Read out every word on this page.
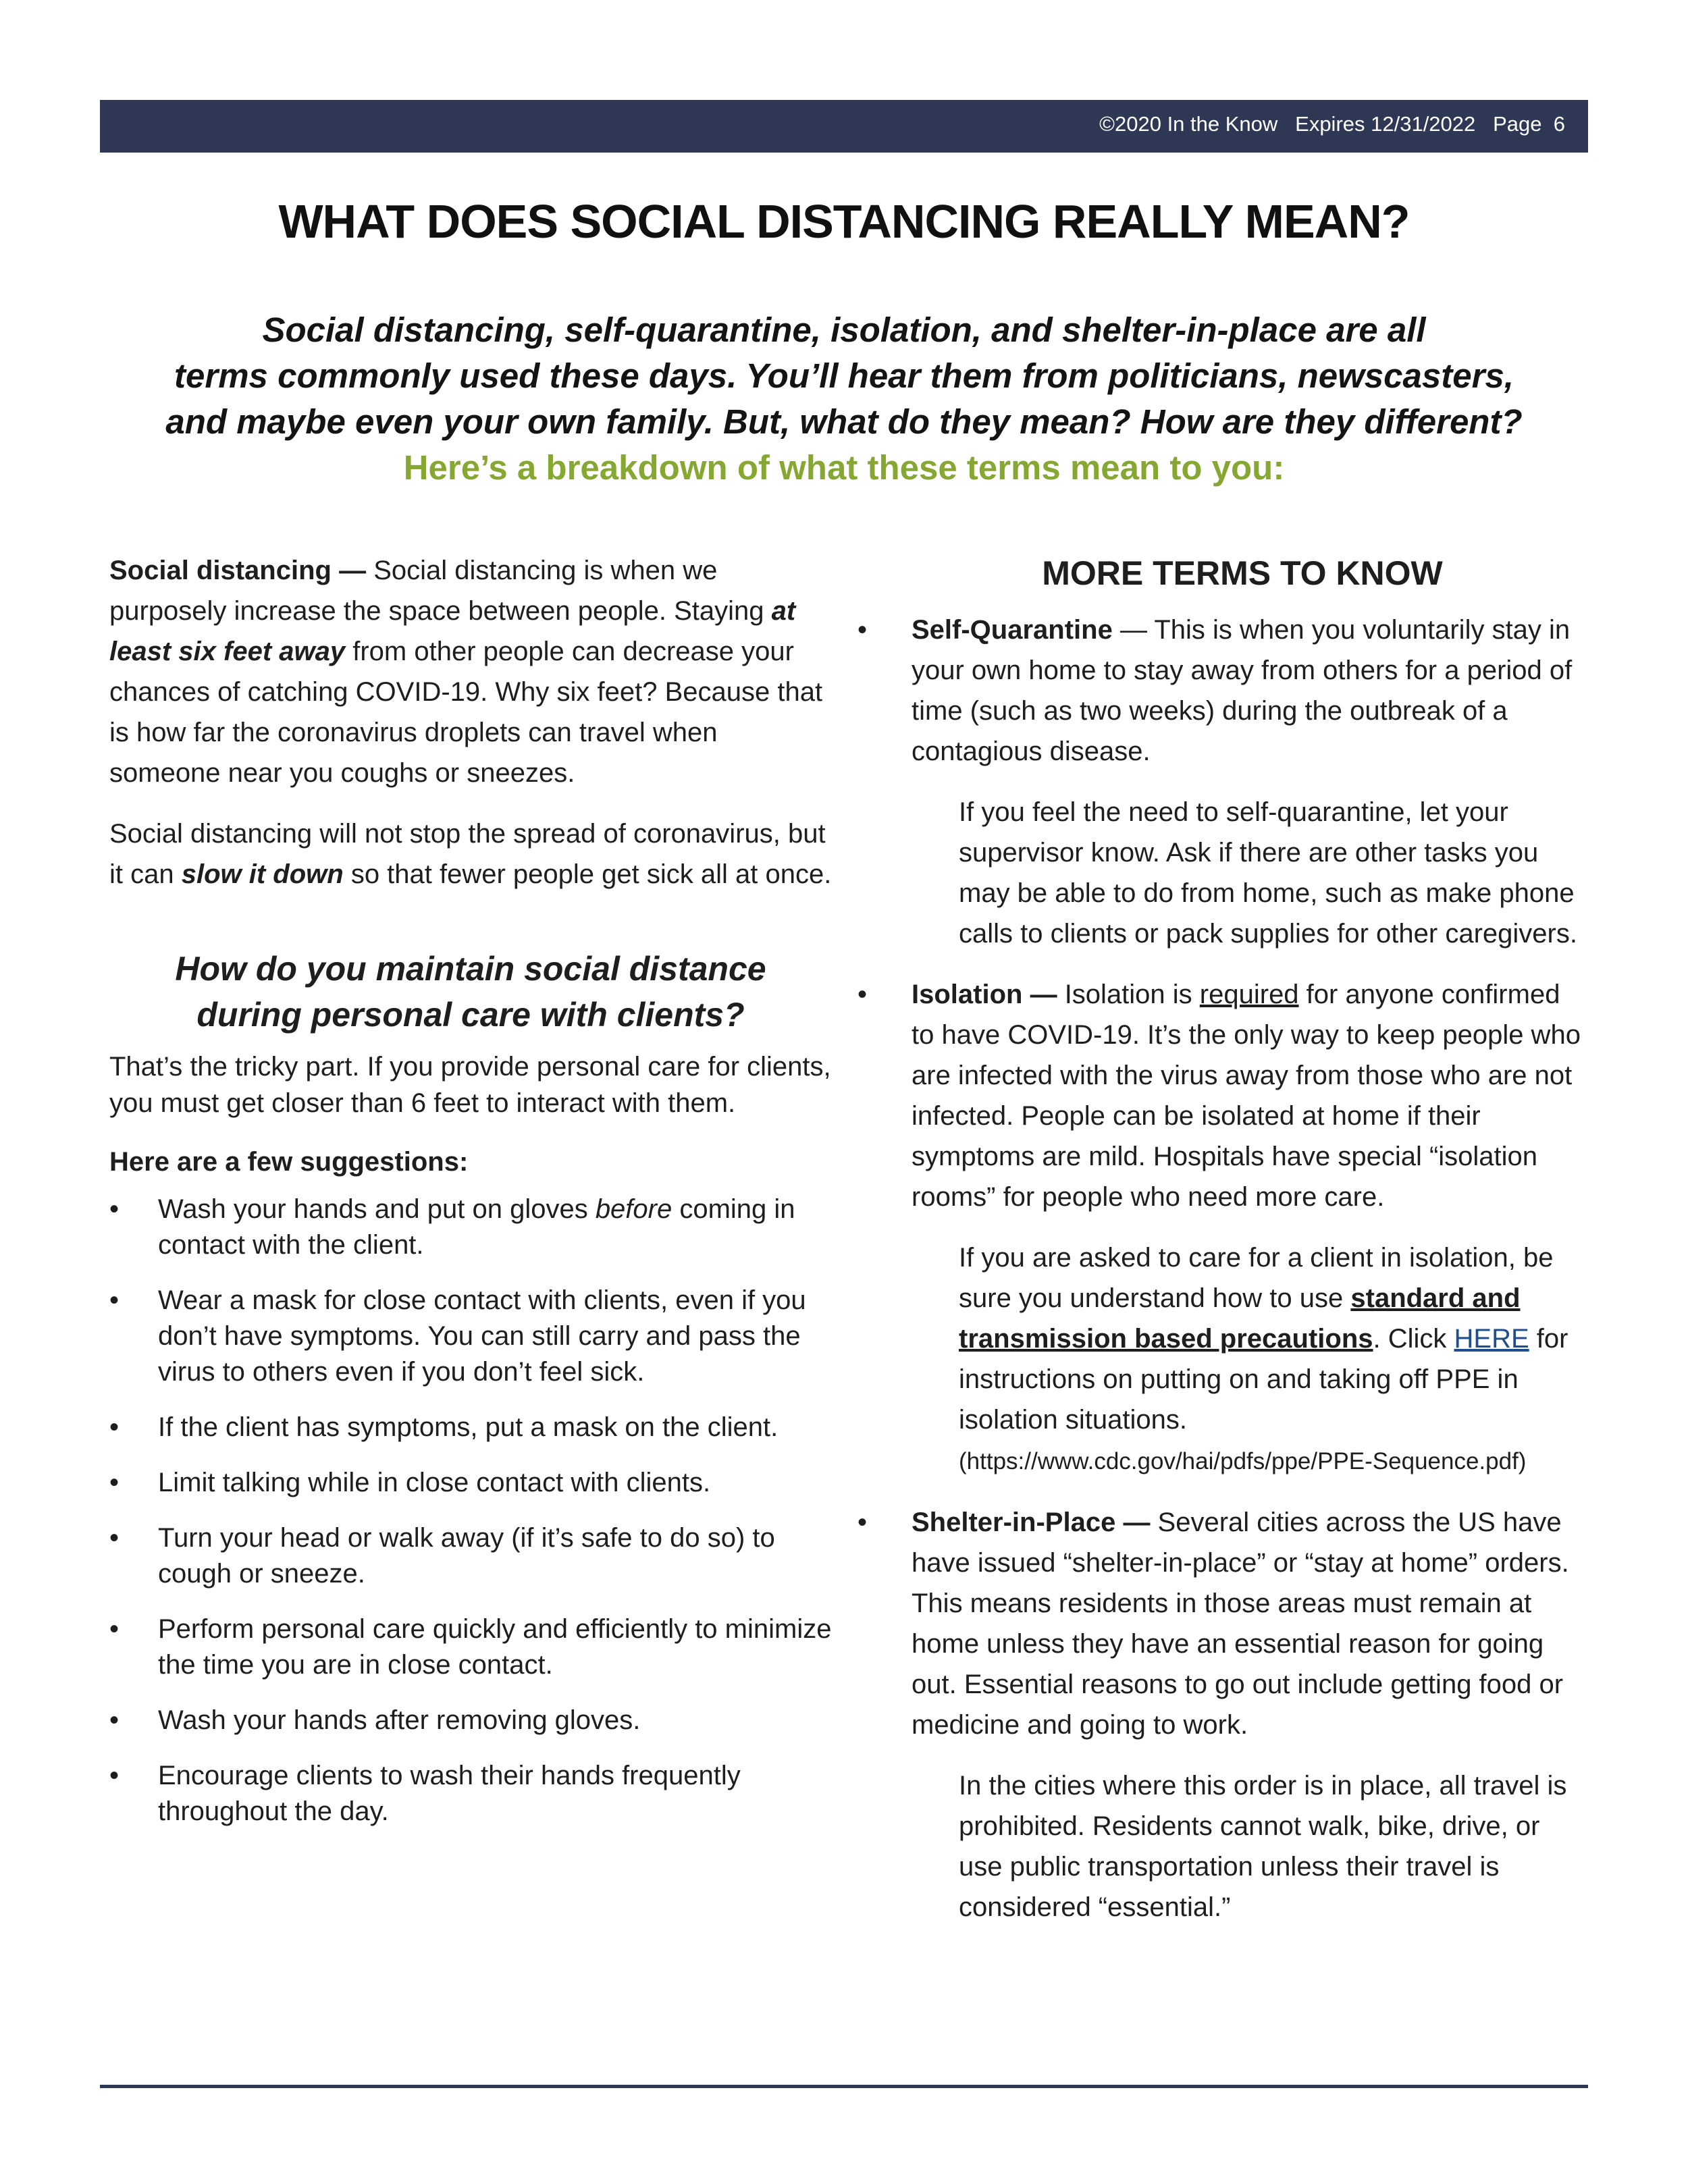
©2020 In the Know Expires 12/31/2022 Page  6
WHAT DOES SOCIAL DISTANCING REALLY MEAN?
Social distancing, self-quarantine, isolation, and shelter-in-place are all
terms commonly used these days. You’ll hear them from politicians, newscasters,
and maybe even your own family. But, what do they mean? How are they different?
Here’s a breakdown of what these terms mean to you:

Social distancing — Social distancing is when we purposely increase the space between people. Staying at least six feet away from other people can decrease your chances of catching COVID-19. Why six feet? Because that is how far the coronavirus droplets can travel when someone near you coughs or sneezes.

Social distancing will not stop the spread of coronavirus, but it can slow it down so that fewer people get sick all at once.

How do you maintain social distance
during personal care with clients?

That’s the tricky part. If you provide personal care for clients, you must get closer than 6 feet to interact with them.

Here are a few suggestions:

• Wash your hands and put on gloves before coming in contact with the client.
• Wear a mask for close contact with clients, even if you don’t have symptoms. You can still carry and pass the virus to others even if you don’t feel sick.
• If the client has symptoms, put a mask on the client.
• Limit talking while in close contact with clients.
• Turn your head or walk away (if it’s safe to do so) to cough or sneeze.
• Perform personal care quickly and efficiently to minimize the time you are in close contact.
• Wash your hands after removing gloves.
• Encourage clients to wash their hands frequently throughout the day.
MORE TERMS TO KNOW
• Self-Quarantine — This is when you voluntarily stay in your own home to stay away from others for a period of time (such as two weeks) during the outbreak of a contagious disease.

If you feel the need to self-quarantine, let your supervisor know. Ask if there are other tasks you may be able to do from home, such as make phone calls to clients or pack supplies for other caregivers.

• Isolation — Isolation is required for anyone confirmed to have COVID-19. It’s the only way to keep people who are infected with the virus away from those who are not infected. People can be isolated at home if their symptoms are mild. Hospitals have special “isolation rooms” for people who need more care.

If you are asked to care for a client in isolation, be sure you understand how to use standard and transmission based precautions. Click HERE for instructions on putting on and taking off PPE in isolation situations. (https://www.cdc.gov/hai/pdfs/ppe/PPE-Sequence.pdf)

• Shelter-in-Place — Several cities across the US have have issued “shelter-in-place” or “stay at home” orders. This means residents in those areas must remain at home unless they have an essential reason for going out. Essential reasons to go out include getting food or medicine and going to work.

In the cities where this order is in place, all travel is prohibited. Residents cannot walk, bike, drive, or use public transportation unless their travel is considered “essential.”
